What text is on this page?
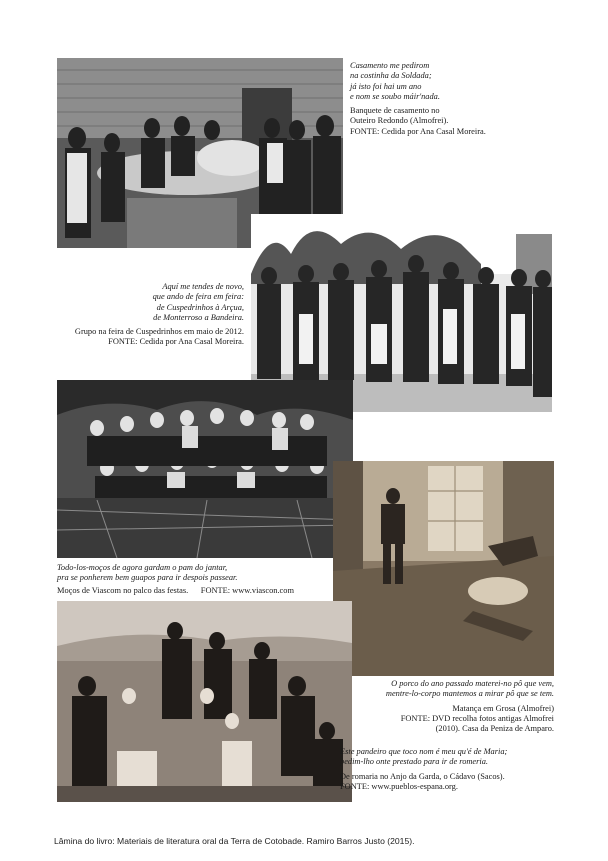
Casamento me pedirom
na costinha da Soldada;
já isto foi hai um ano
e nom se soubo máir'nada.
Banquete de casamento no
Outeiro Redondo (Almofrei).
FONTE: Cedida por Ana Casal Moreira.
Aquí me tendes de novo,
que ando de feira em feira:
de Cuspedrinhos à Arçua,
de Monterroso a Bandeira.
Grupo na feira de Cuspedrinhos em maio de 2012.
FONTE: Cedida por Ana Casal Moreira.
Todo-los-moços de agora gardam o pam do jantar,
pra se ponherem bem guapos para ir despois passear.
Moços de Viascom no palco das festas.      FONTE: www.viascon.com
O porco do ano passado materei-no pô que vem,
mentre-lo-corpo mantemos a mirar pô que se tem.
Matança em Grosa (Almofrei)
FONTE: DVD recolha fotos antigas Almofrei
(2010). Casa da Peniza de Amparo.
Este pandeiro que toco nom é meu qu'é de Maria;
pedim-lho onte prestado para ir de romeria.
De romaria no Anjo da Garda, o Cádavo (Sacos).
FONTE: www.pueblos-espana.org.
Lâmina do livro: Materiais de literatura oral da Terra de Cotobade. Ramiro Barros Justo (2015).
